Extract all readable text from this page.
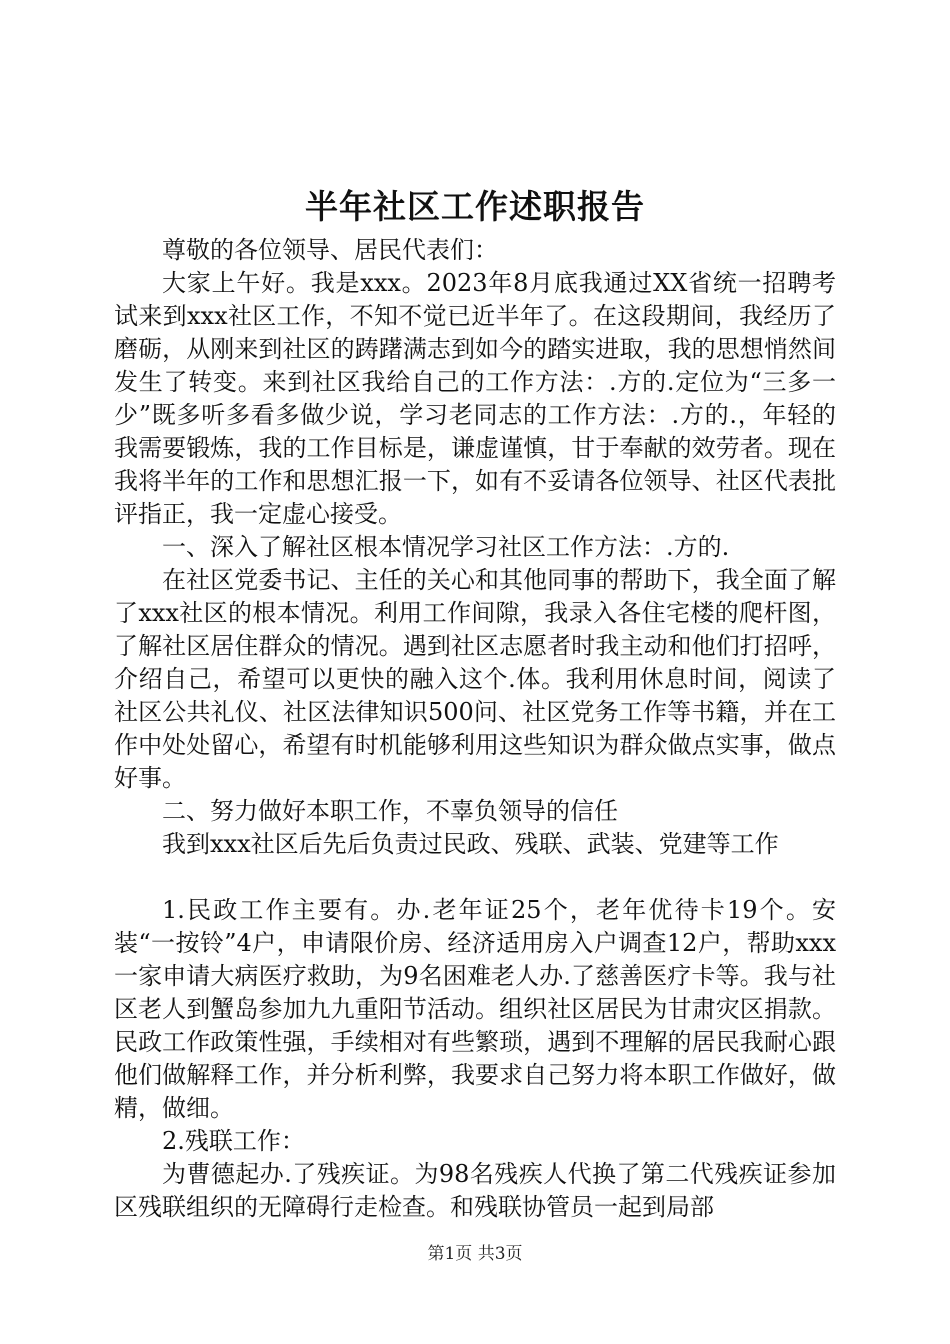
半年社区工作述职报告

尊敬的各位领导、居民代表们：

大家上午好。我是xxx。2023年8月底我通过XX省统一招聘考试来到xxx社区工作，不知不觉已近半年了。在这段期间，我经历了磨砺，从刚来到社区的踌躇满志到如今的踏实进取，我的思想悄然间发生了转变。来到社区我给自己的工作方法：.方的.定位为“三多一少”既多听多看多做少说，学习老同志的工作方法：.方的.，年轻的我需要锻炼，我的工作目标是，谦虚谨慎，甘于奉献的效劳者。现在我将半年的工作和思想汇报一下，如有不妥请各位领导、社区代表批评指正，我一定虚心接受。

一、深入了解社区根本情况学习社区工作方法：.方的.

在社区党委书记、主任的关心和其他同事的帮助下，我全面了解了xxx社区的根本情况。利用工作间隙，我录入各住宅楼的爬杆图，了解社区居住群众的情况。遇到社区志愿者时我主动和他们打招呼，介绍自己，希望可以更快的融入这个.体。我利用休息时间，阅读了社区公共礼仪、社区法律知识500问、社区党务工作等书籍，并在工作中处处留心，希望有时机能够利用这些知识为群众做点实事，做点好事。

二、努力做好本职工作，不辜负领导的信任

我到xxx社区后先后负责过民政、残联、武装、党建等工作

1.民政工作主要有。办.老年证25个，老年优待卡19个。安装“一按铃”4户，申请限价房、经济适用房入户调查12户，帮助xxx一家申请大病医疗救助，为9名困难老人办.了慈善医疗卡等。我与社区老人到蟹岛参加九九重阳节活动。组织社区居民为甘肃灾区捐款。民政工作政策性强，手续相对有些繁琐，遇到不理解的居民我耐心跟他们做解释工作，并分析利弊，我要求自己努力将本职工作做好，做精，做细。

2.残联工作：

为曹德起办.了残疾证。为98名残疾人代换了第二代残疾证参加区残联组织的无障碍行走检查。和残联协管员一起到局部

第1页 共3页
